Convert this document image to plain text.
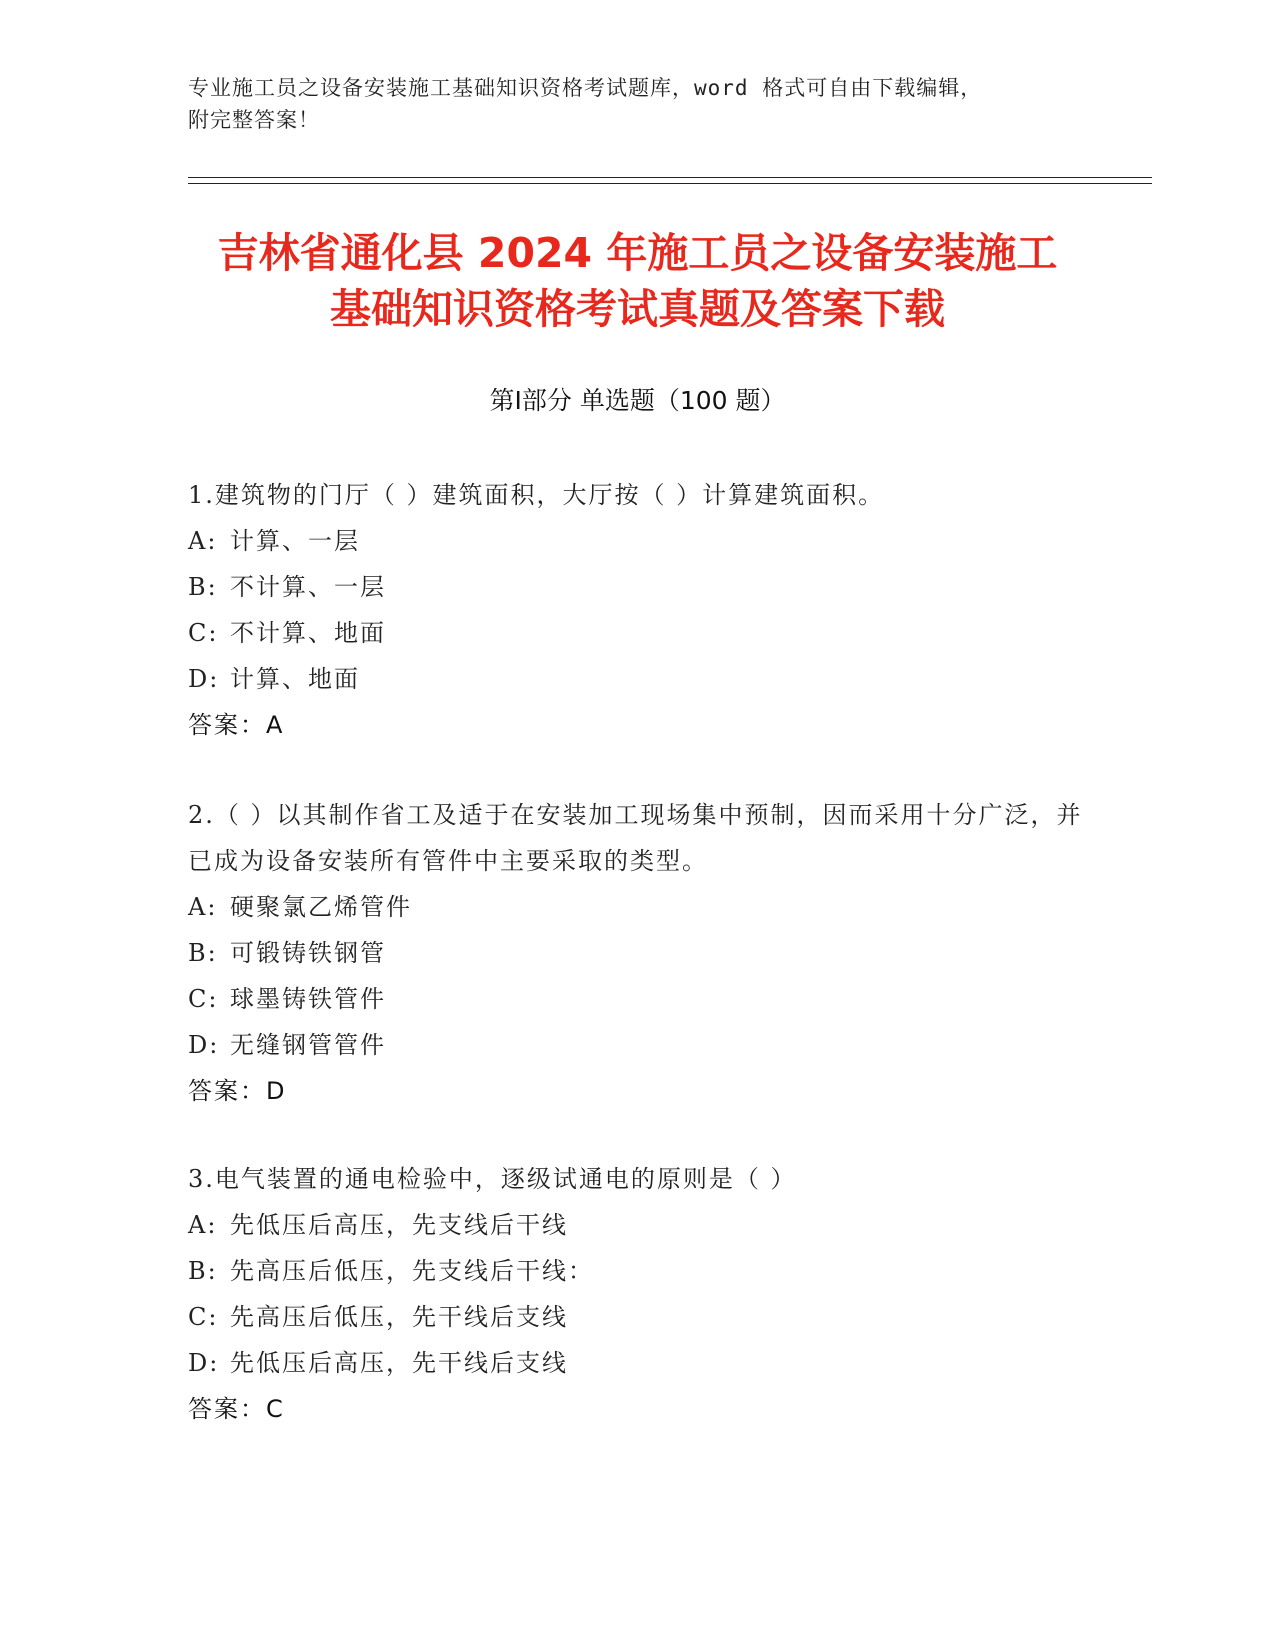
专业施工员之设备安装施工基础知识资格考试题库，word 格式可自由下载编辑，
附完整答案！
吉林省通化县 2024 年施工员之设备安装施工
基础知识资格考试真题及答案下载
第Ⅰ部分 单选题（100 题）
1.建筑物的门厅（ ）建筑面积，大厅按（ ）计算建筑面积。
A: 计算、一层
B: 不计算、一层
C: 不计算、地面
D: 计算、地面
答案：A
2.（ ）以其制作省工及适于在安装加工现场集中预制，因而采用十分广泛，并已成为设备安装所有管件中主要采取的类型。
A: 硬聚氯乙烯管件
B: 可锻铸铁钢管
C: 球墨铸铁管件
D: 无缝钢管管件
答案：D
3.电气装置的通电检验中，逐级试通电的原则是（ ）
A: 先低压后高压，先支线后干线
B: 先高压后低压，先支线后干线：
C: 先高压后低压，先干线后支线
D: 先低压后高压，先干线后支线
答案：C
